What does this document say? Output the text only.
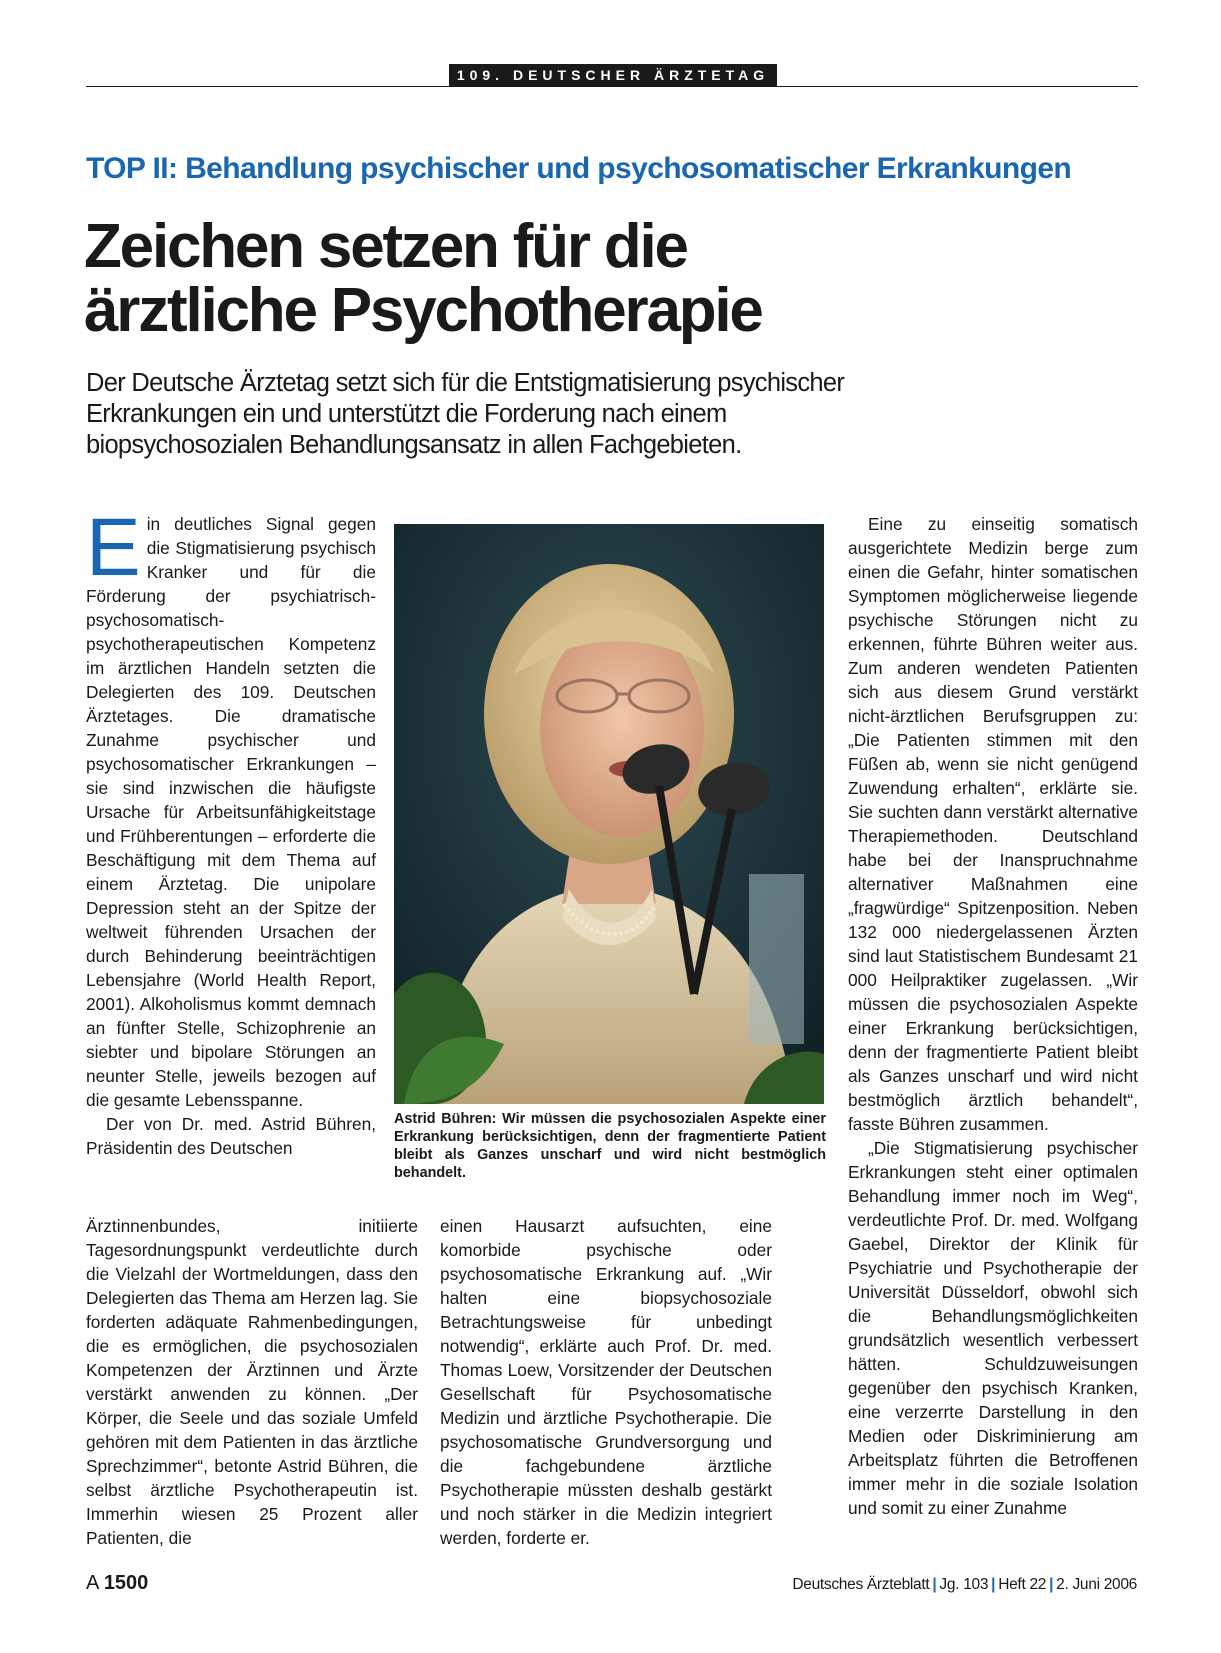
109. DEUTSCHER ÄRZTETAG
TOP II: Behandlung psychischer und psychosomatischer Erkrankungen
Zeichen setzen für die
ärztliche Psychotherapie
Der Deutsche Ärztetag setzt sich für die Entstigmatisierung psychischer
Erkrankungen ein und unterstützt die Forderung nach einem
biopsychosozialen Behandlungsansatz in allen Fachgebieten.

Ein deutliches Signal gegen die Stigmatisierung psychisch Kranker und für die Förderung der psychiatrisch-psychosomatisch-psychotherapeutischen Kompetenz im ärztlichen Handeln setzten die Delegierten des 109. Deutschen Ärztetages. Die dramatische Zunahme psychischer und psychosomatischer Erkrankungen – sie sind inzwischen die häufigste Ursache für Arbeitsunfähigkeitstage und Frühberentungen – erforderte die Beschäftigung mit dem Thema auf einem Ärztetag. Die unipolare Depression steht an der Spitze der weltweit führenden Ursachen der durch Behinderung beeinträchtigen Lebensjahre (World Health Report, 2001). Alkoholismus kommt demnach an fünfter Stelle, Schizophrenie an siebter und bipolare Störungen an neunter Stelle, jeweils bezogen auf die gesamte Lebensspanne.

Der von Dr. med. Astrid Bühren, Präsidentin des Deutschen

Ärztinnenbundes, initiierte Tagesordnungspunkt verdeutlichte durch die Vielzahl der Wortmeldungen, dass den Delegierten das Thema am Herzen lag. Sie forderten adäquate Rahmenbedingungen, die es ermöglichen, die psychosozialen Kompetenzen der Ärztinnen und Ärzte verstärkt anwenden zu können. „Der Körper, die Seele und das soziale Umfeld gehören mit dem Patienten in das ärztliche Sprechzimmer“, betonte Astrid Bühren, die selbst ärztliche Psychotherapeutin ist. Immerhin wiesen 25 Prozent aller Patienten, die

Astrid Bühren: Wir müssen die psychosozialen Aspekte einer Erkrankung berücksichtigen, denn der fragmentierte Patient bleibt als Ganzes unscharf und wird nicht bestmöglich behandelt.

einen Hausarzt aufsuchten, eine komorbide psychische oder psychosomatische Erkrankung auf. „Wir halten eine biopsychosoziale Betrachtungsweise für unbedingt notwendig“, erklärte auch Prof. Dr. med. Thomas Loew, Vorsitzender der Deutschen Gesellschaft für Psychosomatische Medizin und ärztliche Psychotherapie. Die psychosomatische Grundversorgung und die fachgebundene ärztliche Psychotherapie müssten deshalb gestärkt und noch stärker in die Medizin integriert werden, forderte er.

Eine zu einseitig somatisch ausgerichtete Medizin berge zum einen die Gefahr, hinter somatischen Symptomen möglicherweise liegende psychische Störungen nicht zu erkennen, führte Bühren weiter aus. Zum anderen wendeten Patienten sich aus diesem Grund verstärkt nicht-ärztlichen Berufsgruppen zu: „Die Patienten stimmen mit den Füßen ab, wenn sie nicht genügend Zuwendung erhalten“, erklärte sie. Sie suchten dann verstärkt alternative Therapiemethoden. Deutschland habe bei der Inanspruchnahme alternativer Maßnahmen eine „fragwürdige“ Spitzenposition. Neben 132 000 niedergelassenen Ärzten sind laut Statistischem Bundesamt 21 000 Heilpraktiker zugelassen. „Wir müssen die psychosozialen Aspekte einer Erkrankung berücksichtigen, denn der fragmentierte Patient bleibt als Ganzes unscharf und wird nicht bestmöglich ärztlich behandelt“, fasste Bühren zusammen.

„Die Stigmatisierung psychischer Erkrankungen steht einer optimalen Behandlung immer noch im Weg“, verdeutlichte Prof. Dr. med. Wolfgang Gaebel, Direktor der Klinik für Psychiatrie und Psychotherapie der Universität Düsseldorf, obwohl sich die Behandlungsmöglichkeiten grundsätzlich wesentlich verbessert hätten. Schuldzuweisungen gegenüber den psychisch Kranken, eine verzerrte Darstellung in den Medien oder Diskriminierung am Arbeitsplatz führten die Betroffenen immer mehr in die soziale Isolation und somit zu einer Zunahme

A 1500	Deutsches Ärzteblatt | Jg. 103 | Heft 22 | 2. Juni 2006
